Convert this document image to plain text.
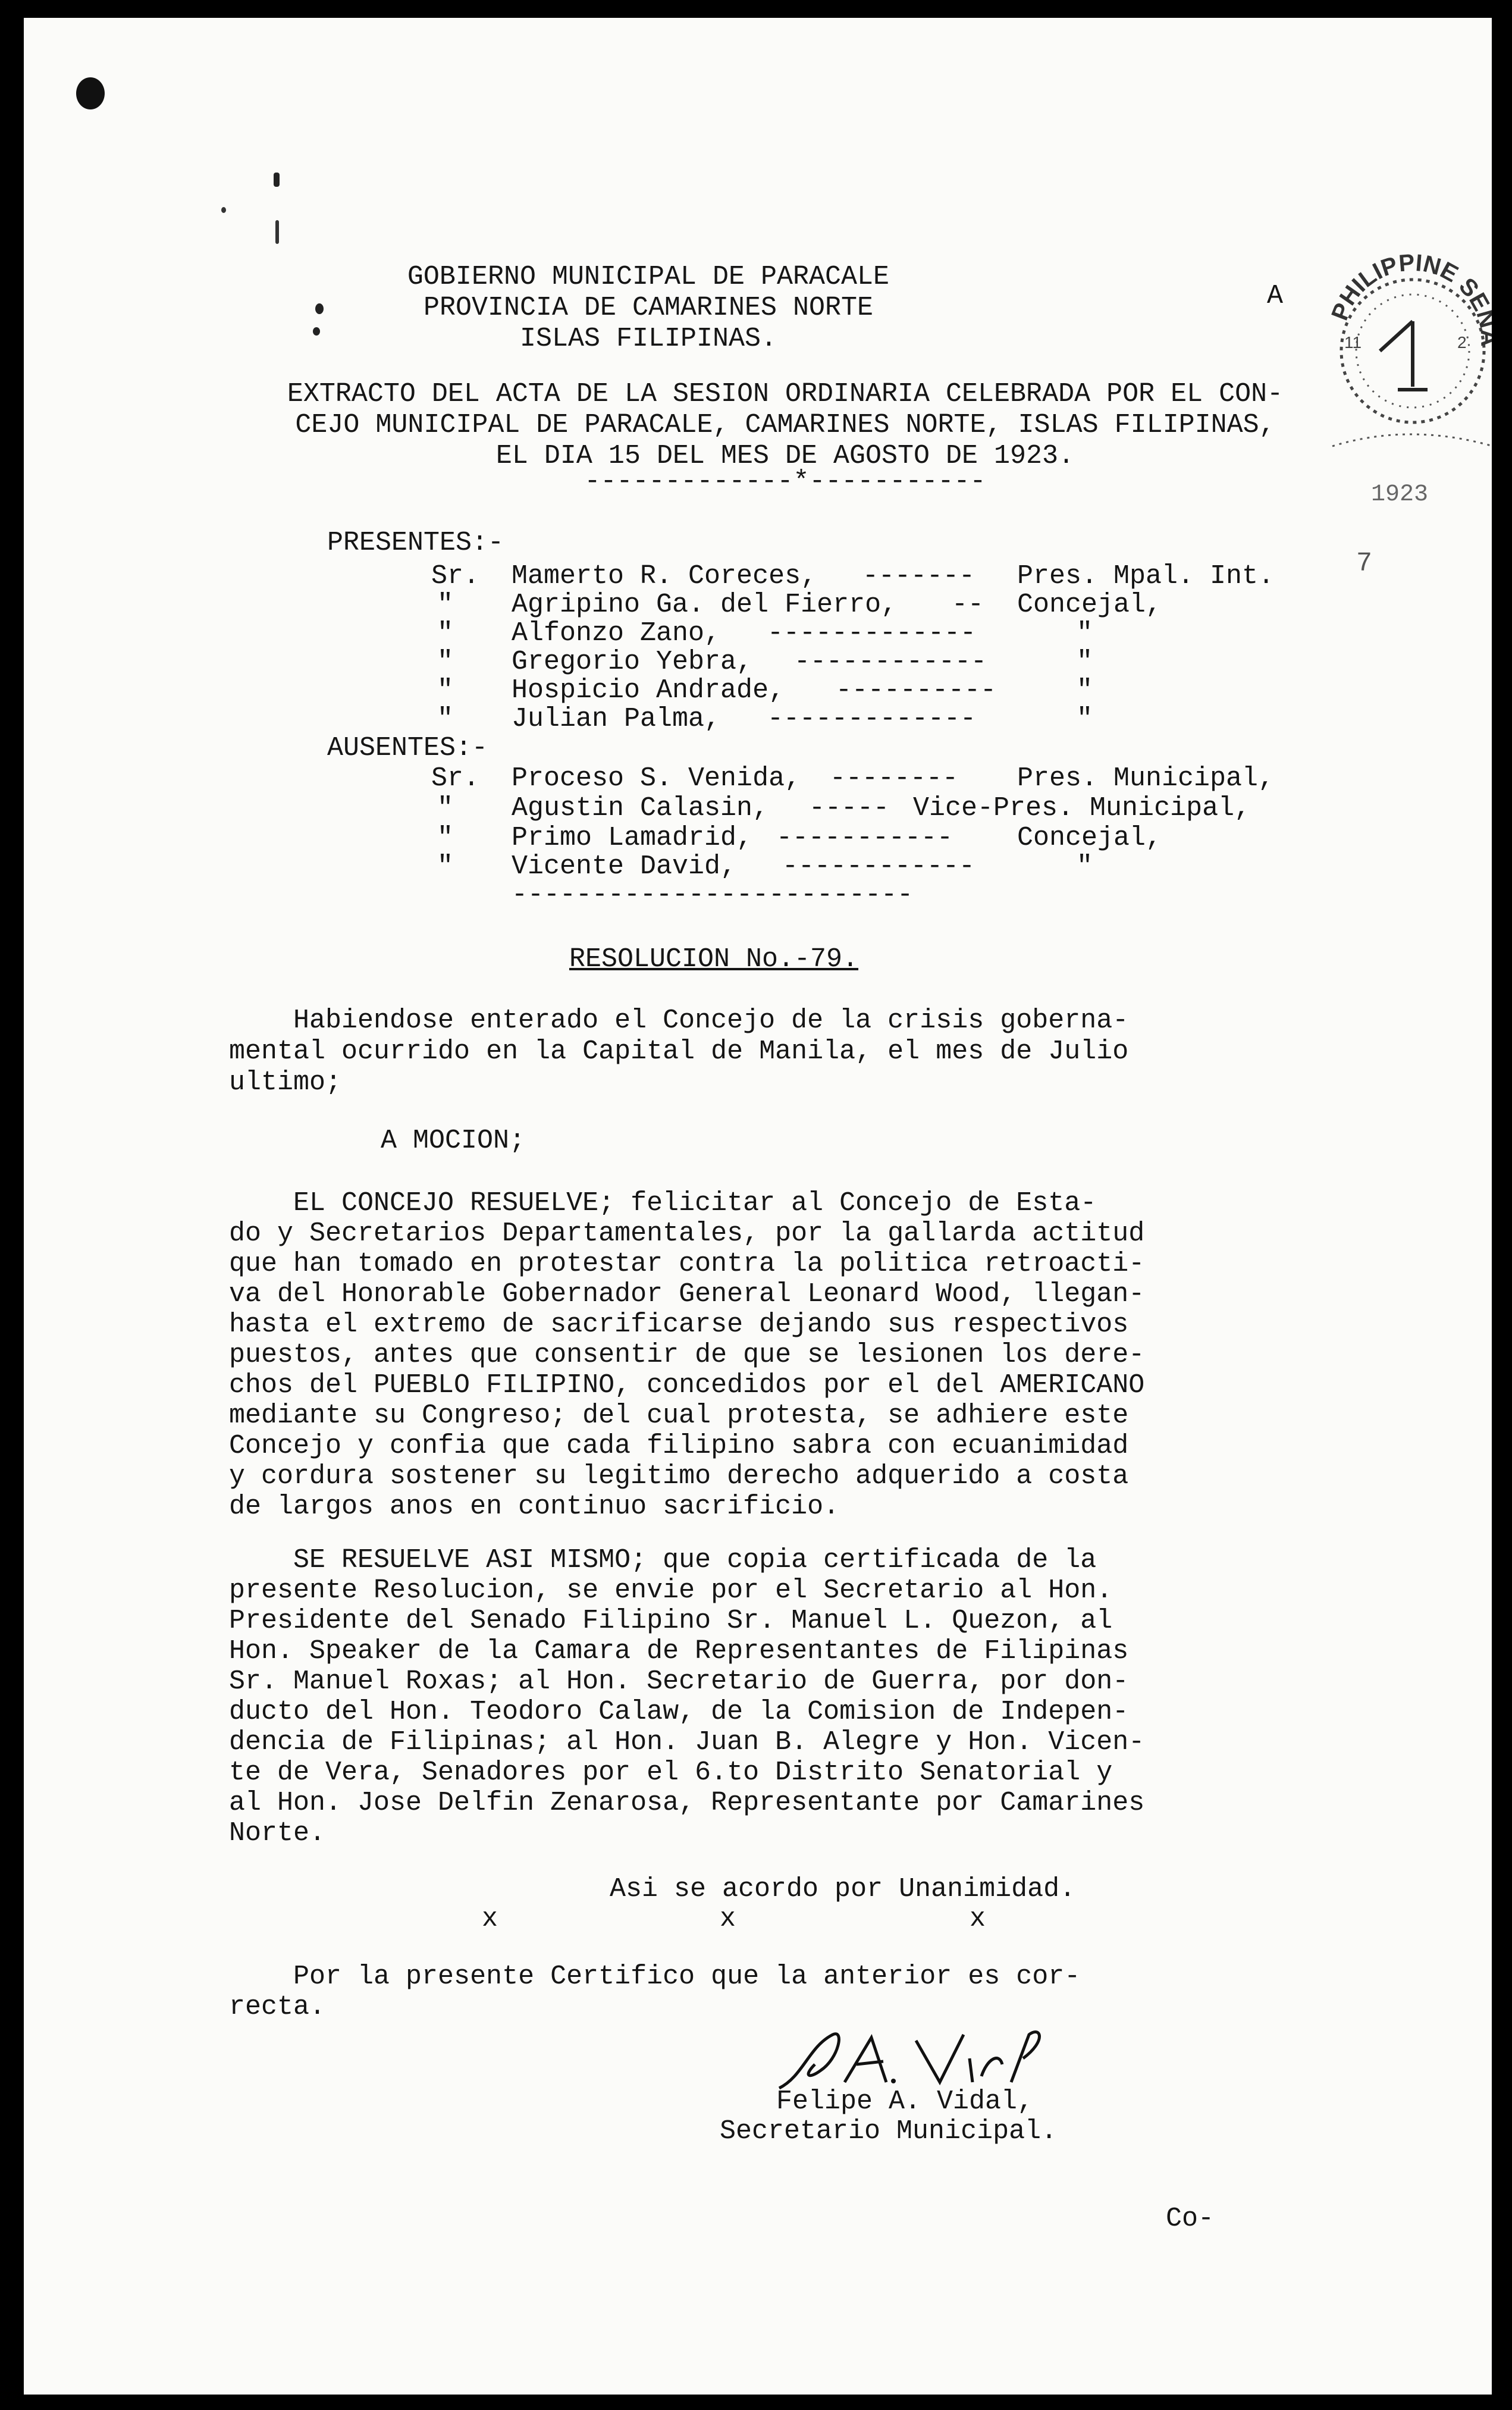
GOBIERNO MUNICIPAL DE PARACALE

PROVINCIA DE CAMARINES NORTE

ISLAS FILIPINAS.

A

PHILIPPINE SENATE
11	2
1923
7

EXTRACTO DEL ACTA DE LA SESION ORDINARIA CELEBRADA POR EL CON-

CEJO MUNICIPAL DE PARACALE, CAMARINES NORTE, ISLAS FILIPINAS,

EL DIA 15 DEL MES DE AGOSTO DE 1923.

-------------*-----------

PRESENTES:-
Sr. Mamerto R. Coreces, ------- Pres. Mpal. Int.
" Agripino Ga. del Fierro, -- Concejal,
" Alfonzo Zano, -------------	"
" Gregorio Yebra, ------------	"
" Hospicio Andrade, ----------	"
" Julian Palma, -------------	"
AUSENTES:-
Sr. Proceso S. Venida, -------- Pres. Municipal,
" Agustin Calasin, ----- Vice-Pres. Municipal,
" Primo Lamadrid, ----------- Concejal,
" Vicente David, ------------	"
-------------------------

RESOLUCION No.-79.

Habiendose enterado el Concejo de la crisis goberna-

mental ocurrido en la Capital de Manila, el mes de Julio

ultimo;

A MOCION;

EL CONCEJO RESUELVE; felicitar al Concejo de Esta-

do y Secretarios Departamentales, por la gallarda actitud

que han tomado en protestar contra la politica retroacti-

va del Honorable Gobernador General Leonard Wood, llegan-

hasta el extremo de sacrificarse dejando sus respectivos

puestos, antes que consentir de que se lesionen los dere-

chos del PUEBLO FILIPINO, concedidos por el del AMERICANO

mediante su Congreso; del cual protesta, se adhiere este

Concejo y confia que cada filipino sabra con ecuanimidad

y cordura sostener su legitimo derecho adquerido a costa

de largos anos en continuo sacrificio.

SE RESUELVE ASI MISMO; que copia certificada de la

presente Resolucion, se envie por el Secretario al Hon.

Presidente del Senado Filipino Sr. Manuel L. Quezon, al

Hon. Speaker de la Camara de Representantes de Filipinas

Sr. Manuel Roxas; al Hon. Secretario de Guerra, por don-

ducto del Hon. Teodoro Calaw, de la Comision de Indepen-

dencia de Filipinas; al Hon. Juan B. Alegre y Hon. Vicen-

te de Vera, Senadores por el 6.to Distrito Senatorial y

al Hon. Jose Delfin Zenarosa, Representante por Camarines

Norte.

Asi se acordo por Unanimidad.

x	x	x

Por la presente Certifico que la anterior es cor-

recta.

Felipe A. Vidal,

Secretario Municipal.

Co-
